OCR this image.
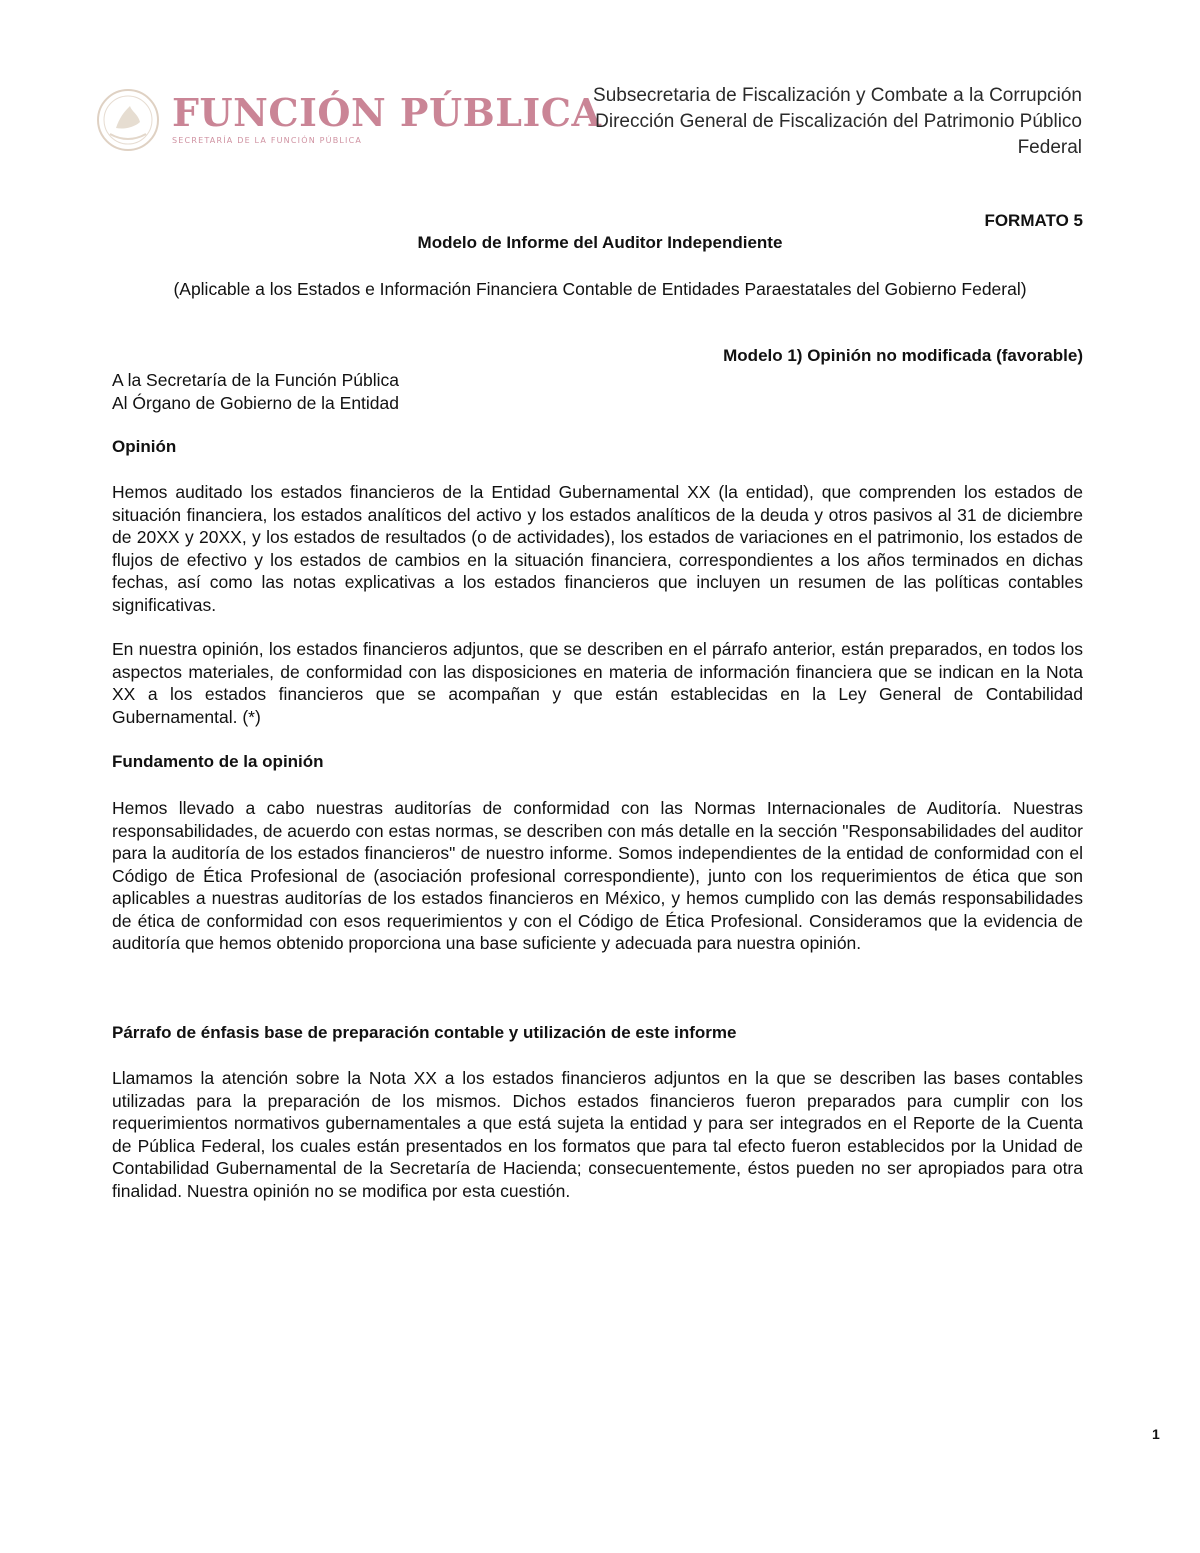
FUNCIÓN PÚBLICA
SECRETARÍA DE LA FUNCIÓN PÚBLICA
Subsecretaria de Fiscalización y Combate a la Corrupción
Dirección General de Fiscalización del Patrimonio Público
Federal
FORMATO 5
Modelo de Informe del Auditor Independiente
(Aplicable a los Estados e Información Financiera Contable de Entidades Paraestatales del Gobierno Federal)
Modelo 1) Opinión no modificada (favorable)
A la Secretaría de la Función Pública
Al Órgano de Gobierno de la Entidad
Opinión
Hemos auditado los estados financieros de la Entidad Gubernamental XX (la entidad), que comprenden los estados de situación financiera, los estados analíticos del activo y los estados analíticos de la deuda y otros pasivos al 31 de diciembre de 20XX y 20XX, y los estados de resultados (o de actividades), los estados de variaciones en el patrimonio, los estados de flujos de efectivo y los estados de cambios en la situación financiera, correspondientes a los años terminados en dichas fechas, así como las notas explicativas a los estados financieros que incluyen un resumen de las políticas contables significativas.
En nuestra opinión, los estados financieros adjuntos, que se describen en el párrafo anterior, están preparados, en todos los aspectos materiales, de conformidad con las disposiciones en materia de información financiera que se indican en la Nota XX a los estados financieros que se acompañan y que están establecidas en la Ley General de Contabilidad Gubernamental. (*)
Fundamento de la opinión
Hemos llevado a cabo nuestras auditorías de conformidad con las Normas Internacionales de Auditoría. Nuestras responsabilidades, de acuerdo con estas normas, se describen con más detalle en la sección "Responsabilidades del auditor para la auditoría de los estados financieros" de nuestro informe. Somos independientes de la entidad de conformidad con el Código de Ética Profesional de (asociación profesional correspondiente), junto con los requerimientos de ética que son aplicables a nuestras auditorías de los estados financieros en México, y hemos cumplido con las demás responsabilidades de ética de conformidad con esos requerimientos y con el Código de Ética Profesional. Consideramos que la evidencia de auditoría que hemos obtenido proporciona una base suficiente y adecuada para nuestra opinión.
Párrafo de énfasis base de preparación contable y utilización de este informe
Llamamos la atención sobre la Nota XX a los estados financieros adjuntos en la que se describen las bases contables utilizadas para la preparación de los mismos. Dichos estados financieros fueron preparados para cumplir con los requerimientos normativos gubernamentales a que está sujeta la entidad y para ser integrados en el Reporte de la Cuenta de Pública Federal, los cuales están presentados en los formatos que para tal efecto fueron establecidos por la Unidad de Contabilidad Gubernamental de la Secretaría de Hacienda; consecuentemente, éstos pueden no ser apropiados para otra finalidad. Nuestra opinión no se modifica por esta cuestión.
1
